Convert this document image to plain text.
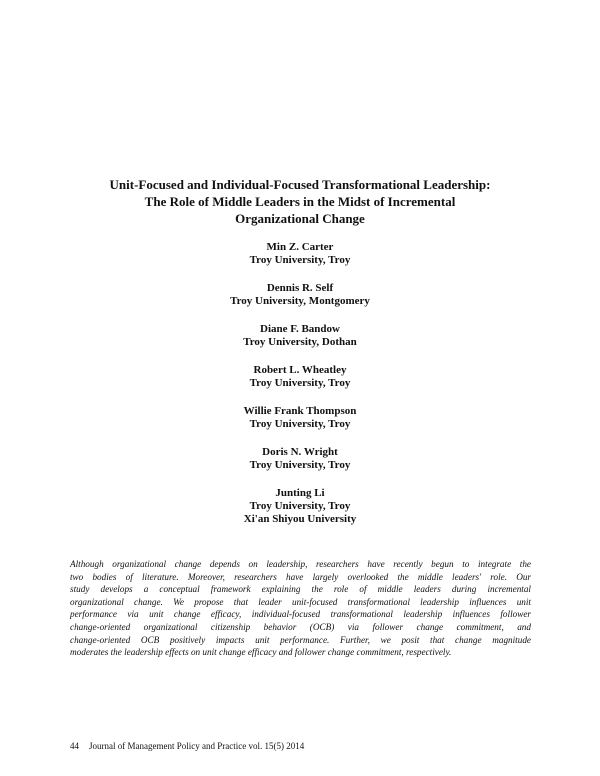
Unit-Focused and Individual-Focused Transformational Leadership:
The Role of Middle Leaders in the Midst of Incremental
Organizational Change
Min Z. Carter
Troy University, Troy
Dennis R. Self
Troy University, Montgomery
Diane F. Bandow
Troy University, Dothan
Robert L. Wheatley
Troy University, Troy
Willie Frank Thompson
Troy University, Troy
Doris N. Wright
Troy University, Troy
Junting Li
Troy University, Troy
Xi'an Shiyou University
Although organizational change depends on leadership, researchers have recently begun to integrate the
two bodies of literature. Moreover, researchers have largely overlooked the middle leaders' role. Our
study develops a conceptual framework explaining the role of middle leaders during incremental
organizational change. We propose that leader unit-focused transformational leadership influences unit
performance via unit change efficacy, individual-focused transformational leadership influences follower
change-oriented organizational citizenship behavior (OCB) via follower change commitment, and
change-oriented OCB positively impacts unit performance. Further, we posit that change magnitude
moderates the leadership effects on unit change efficacy and follower change commitment, respectively.
44 Journal of Management Policy and Practice vol. 15(5) 2014
